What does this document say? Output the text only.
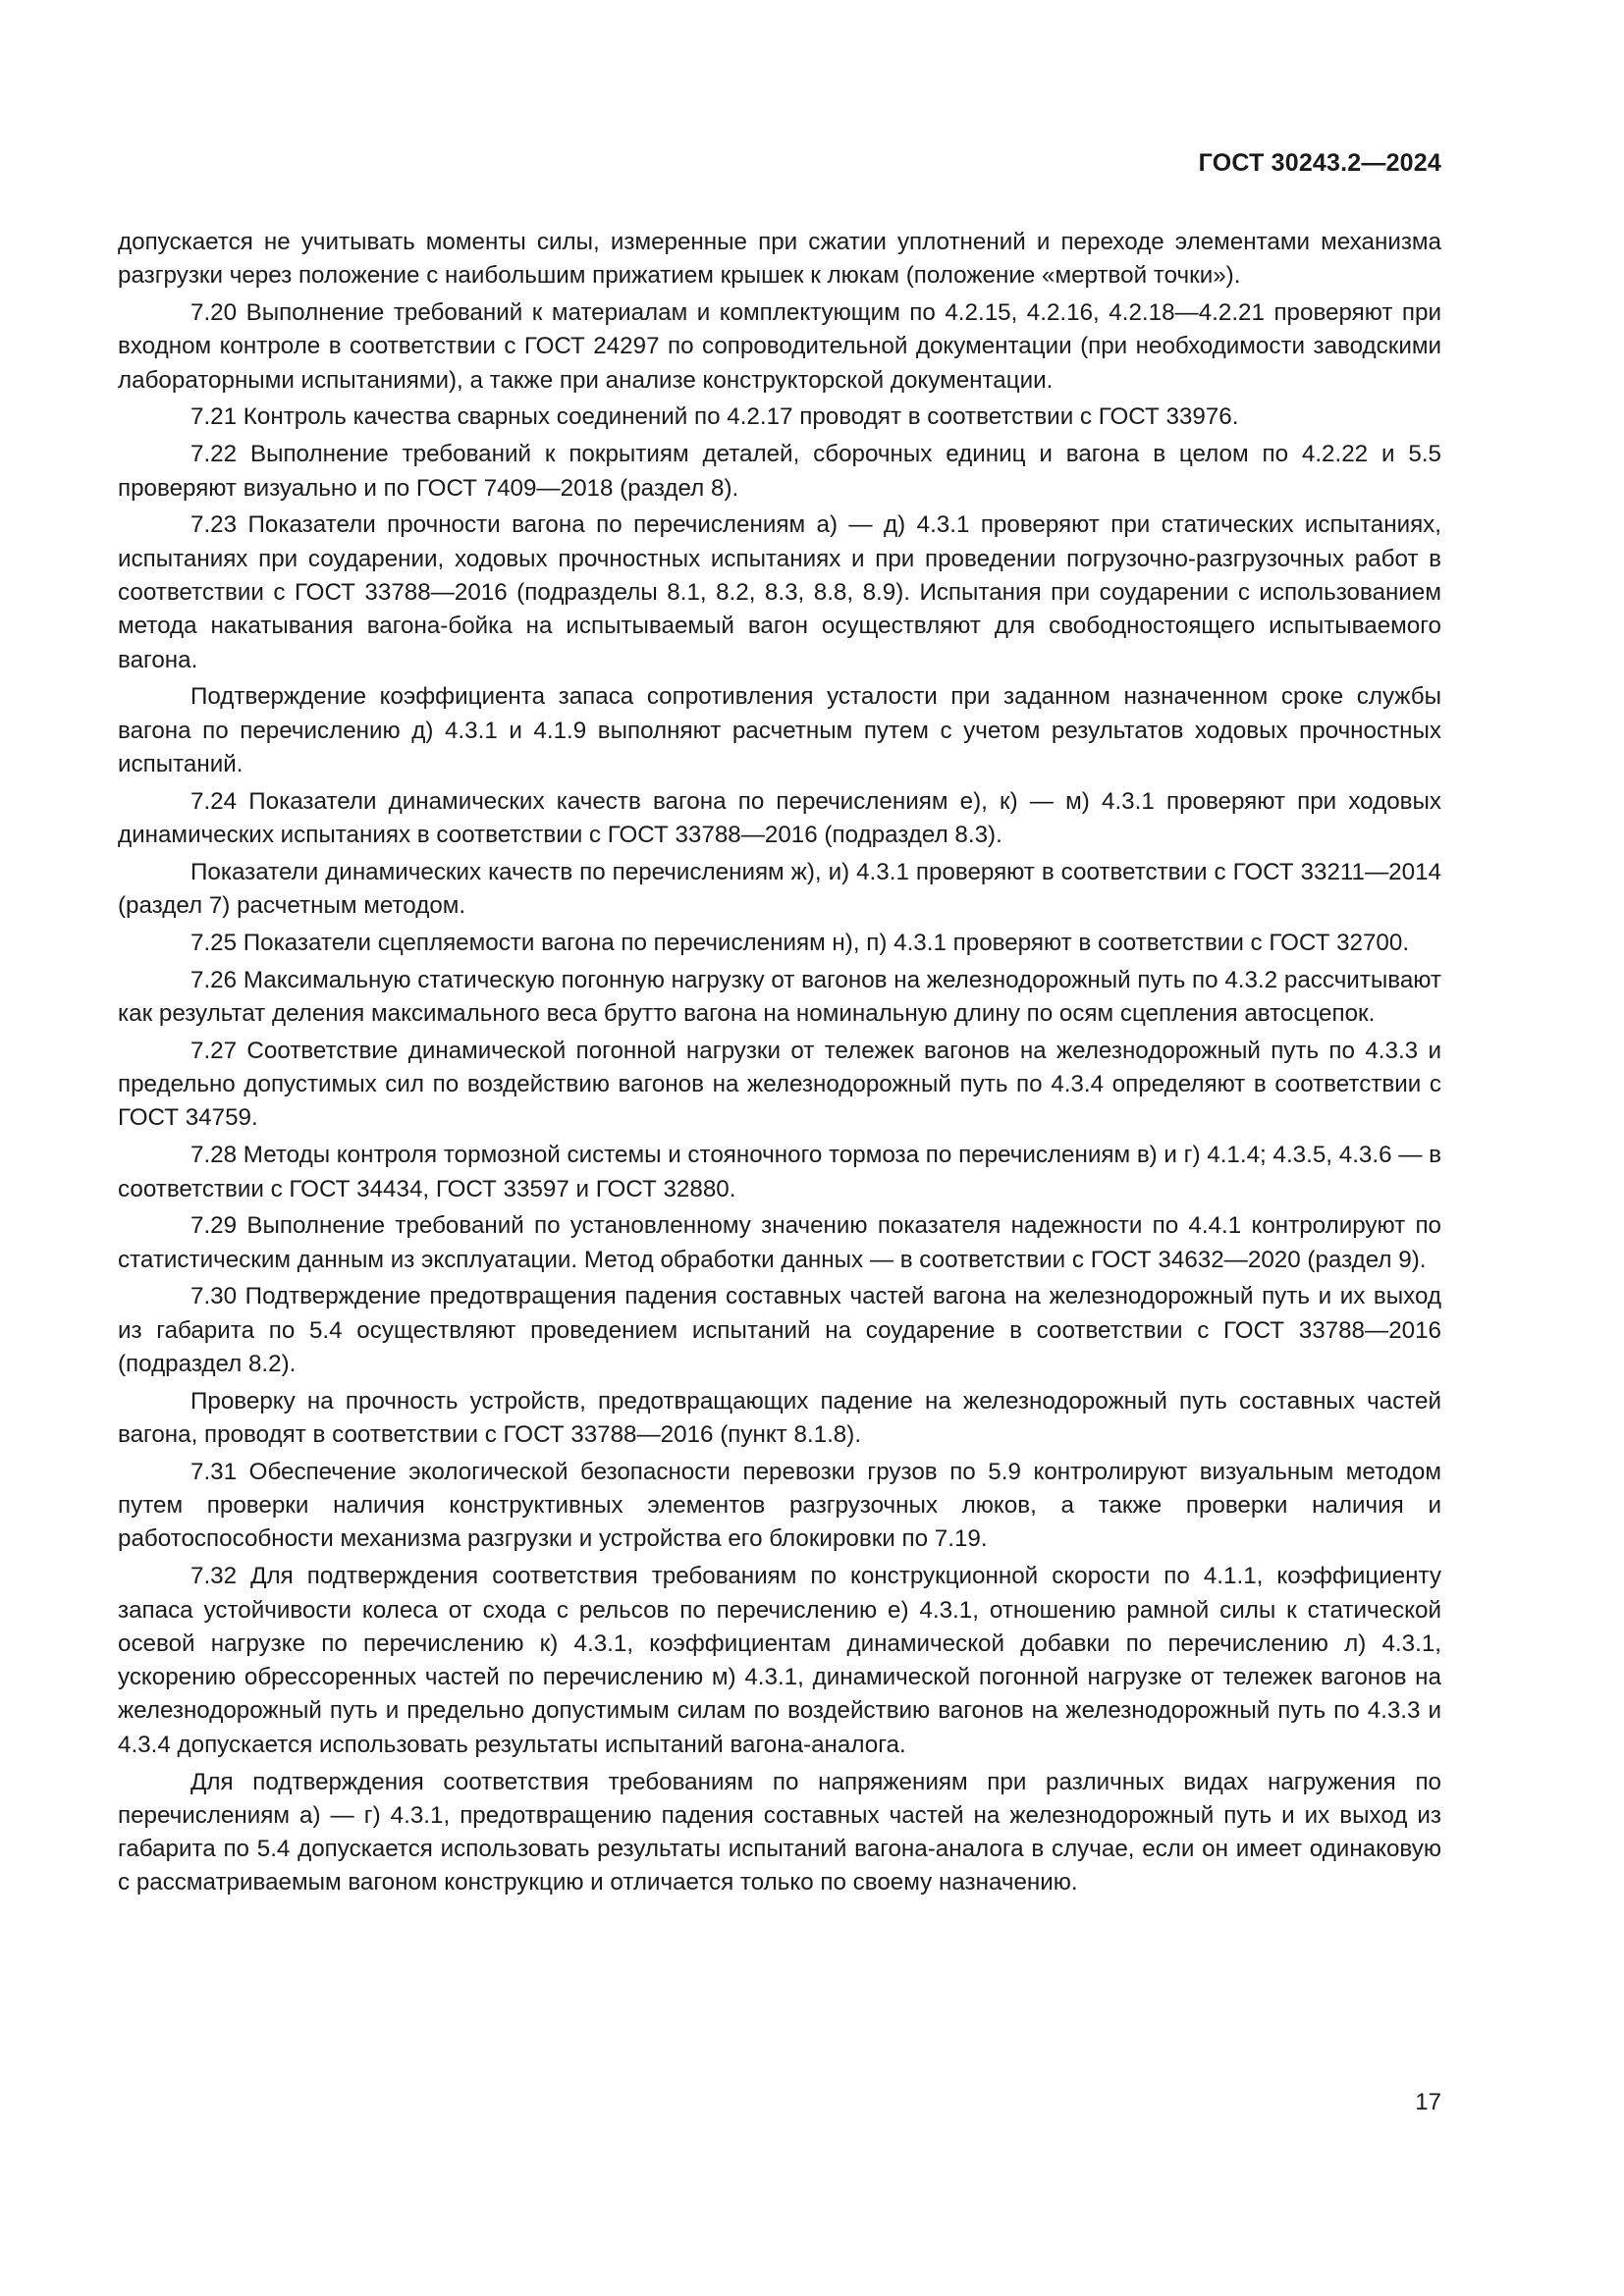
ГОСТ 30243.2—2024

допускается не учитывать моменты силы, измеренные при сжатии уплотнений и переходе элементами механизма разгрузки через положение с наибольшим прижатием крышек к люкам (положение «мертвой точки»).

7.20 Выполнение требований к материалам и комплектующим по 4.2.15, 4.2.16, 4.2.18—4.2.21 проверяют при входном контроле в соответствии с ГОСТ 24297 по сопроводительной документации (при необходимости заводскими лабораторными испытаниями), а также при анализе конструкторской документации.

7.21 Контроль качества сварных соединений по 4.2.17 проводят в соответствии с ГОСТ 33976.

7.22 Выполнение требований к покрытиям деталей, сборочных единиц и вагона в целом по 4.2.22 и 5.5 проверяют визуально и по ГОСТ 7409—2018 (раздел 8).

7.23 Показатели прочности вагона по перечислениям а) — д) 4.3.1 проверяют при статических испытаниях, испытаниях при соударении, ходовых прочностных испытаниях и при проведении погрузочно-разгрузочных работ в соответствии с ГОСТ 33788—2016 (подразделы 8.1, 8.2, 8.3, 8.8, 8.9). Испытания при соударении с использованием метода накатывания вагона-бойка на испытываемый вагон осуществляют для свободностоящего испытываемого вагона.

Подтверждение коэффициента запаса сопротивления усталости при заданном назначенном сроке службы вагона по перечислению д) 4.3.1 и 4.1.9 выполняют расчетным путем с учетом результатов ходовых прочностных испытаний.

7.24 Показатели динамических качеств вагона по перечислениям е), к) — м) 4.3.1 проверяют при ходовых динамических испытаниях в соответствии с ГОСТ 33788—2016 (подраздел 8.3).

Показатели динамических качеств по перечислениям ж), и) 4.3.1 проверяют в соответствии с ГОСТ 33211—2014 (раздел 7) расчетным методом.

7.25 Показатели сцепляемости вагона по перечислениям н), п) 4.3.1 проверяют в соответствии с ГОСТ 32700.

7.26 Максимальную статическую погонную нагрузку от вагонов на железнодорожный путь по 4.3.2 рассчитывают как результат деления максимального веса брутто вагона на номинальную длину по осям сцепления автосцепок.

7.27 Соответствие динамической погонной нагрузки от тележек вагонов на железнодорожный путь по 4.3.3 и предельно допустимых сил по воздействию вагонов на железнодорожный путь по 4.3.4 определяют в соответствии с ГОСТ 34759.

7.28 Методы контроля тормозной системы и стояночного тормоза по перечислениям в) и г) 4.1.4; 4.3.5, 4.3.6 — в соответствии с ГОСТ 34434, ГОСТ 33597 и ГОСТ 32880.

7.29 Выполнение требований по установленному значению показателя надежности по 4.4.1 контролируют по статистическим данным из эксплуатации. Метод обработки данных — в соответствии с ГОСТ 34632—2020 (раздел 9).

7.30 Подтверждение предотвращения падения составных частей вагона на железнодорожный путь и их выход из габарита по 5.4 осуществляют проведением испытаний на соударение в соответствии с ГОСТ 33788—2016 (подраздел 8.2).

Проверку на прочность устройств, предотвращающих падение на железнодорожный путь составных частей вагона, проводят в соответствии с ГОСТ 33788—2016 (пункт 8.1.8).

7.31 Обеспечение экологической безопасности перевозки грузов по 5.9 контролируют визуальным методом путем проверки наличия конструктивных элементов разгрузочных люков, а также проверки наличия и работоспособности механизма разгрузки и устройства его блокировки по 7.19.

7.32 Для подтверждения соответствия требованиям по конструкционной скорости по 4.1.1, коэффициенту запаса устойчивости колеса от схода с рельсов по перечислению е) 4.3.1, отношению рамной силы к статической осевой нагрузке по перечислению к) 4.3.1, коэффициентам динамической добавки по перечислению л) 4.3.1, ускорению обрессоренных частей по перечислению м) 4.3.1, динамической погонной нагрузке от тележек вагонов на железнодорожный путь и предельно допустимым силам по воздействию вагонов на железнодорожный путь по 4.3.3 и 4.3.4 допускается использовать результаты испытаний вагона-аналога.

Для подтверждения соответствия требованиям по напряжениям при различных видах нагружения по перечислениям а) — г) 4.3.1, предотвращению падения составных частей на железнодорожный путь и их выход из габарита по 5.4 допускается использовать результаты испытаний вагона-аналога в случае, если он имеет одинаковую с рассматриваемым вагоном конструкцию и отличается только по своему назначению.

17
